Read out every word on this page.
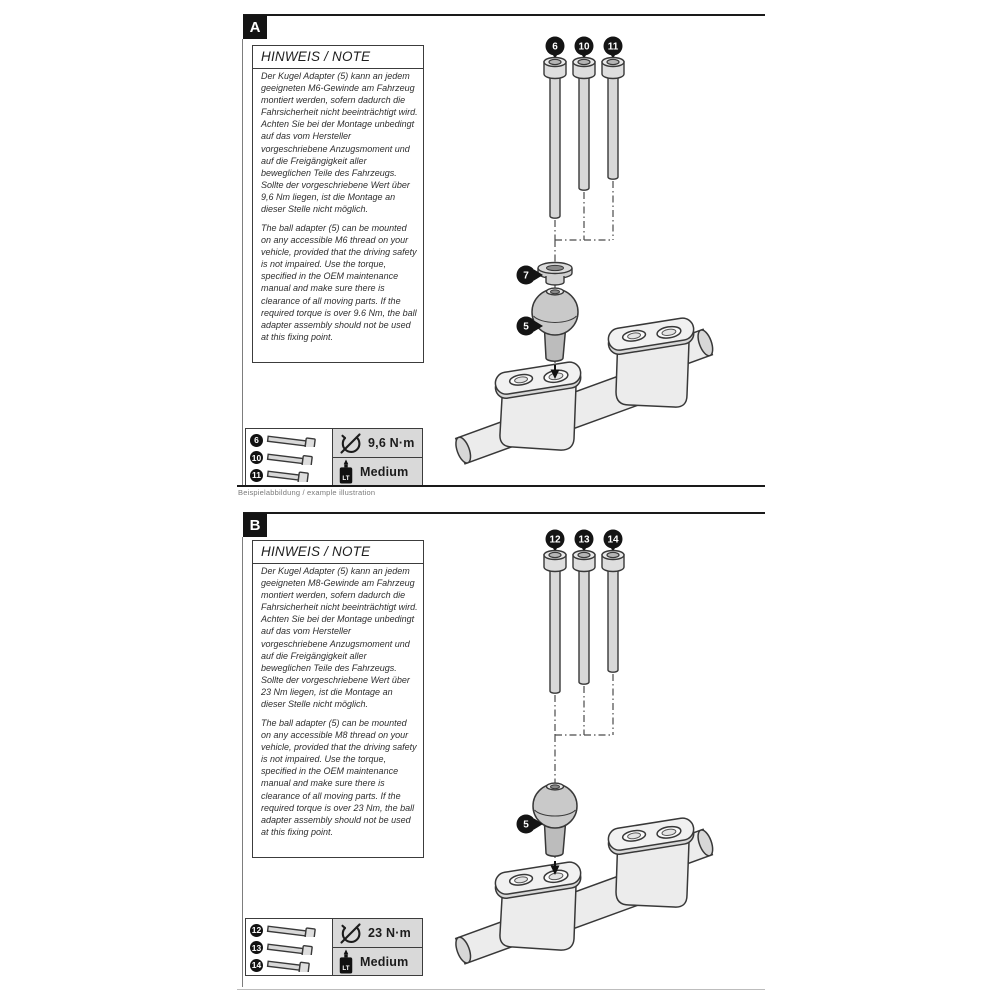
A
HINWEIS / NOTE
Der Kugel Adapter (5) kann an jedem geeigneten M6-Gewinde am Fahrzeug montiert werden, sofern dadurch die Fahrsicherheit nicht beeinträchtigt wird. Achten Sie bei der Montage unbedingt auf das vom Hersteller vorgeschriebene Anzugsmoment und auf die Freigängigkeit aller beweglichen Teile des Fahrzeugs. Sollte der vorgeschriebene Wert über 9,6 Nm liegen, ist die Montage an dieser Stelle nicht möglich.
The ball adapter (5) can be mounted on any accessible M6 thread on your vehicle, provided that the driving safety is not impaired. Use the torque, specified in the OEM maintenance manual and make sure there is clearance of all moving parts. If the required torque is over 9.6 Nm, the ball adapter assembly should not be used at this fixing point.
6 10 11
7
5
6
10
11
9,6 N·m
LT
Medium
Beispielabbildung / example illustration
B
HINWEIS / NOTE
Der Kugel Adapter (5) kann an jedem geeigneten M8-Gewinde am Fahrzeug montiert werden, sofern dadurch die Fahrsicherheit nicht beeinträchtigt wird. Achten Sie bei der Montage unbedingt auf das vom Hersteller vorgeschriebene Anzugsmoment und auf die Freigängigkeit aller beweglichen Teile des Fahrzeugs. Sollte der vorgeschriebene Wert über 23 Nm liegen, ist die Montage an dieser Stelle nicht möglich.
The ball adapter (5) can be mounted on any accessible M8 thread on your vehicle, provided that the driving safety is not impaired. Use the torque, specified in the OEM maintenance manual and make sure there is clearance of all moving parts. If the required torque is over 23 Nm, the ball adapter assembly should not be used at this fixing point.
12 13 14
5
12
13
14
23 N·m
LT
Medium
